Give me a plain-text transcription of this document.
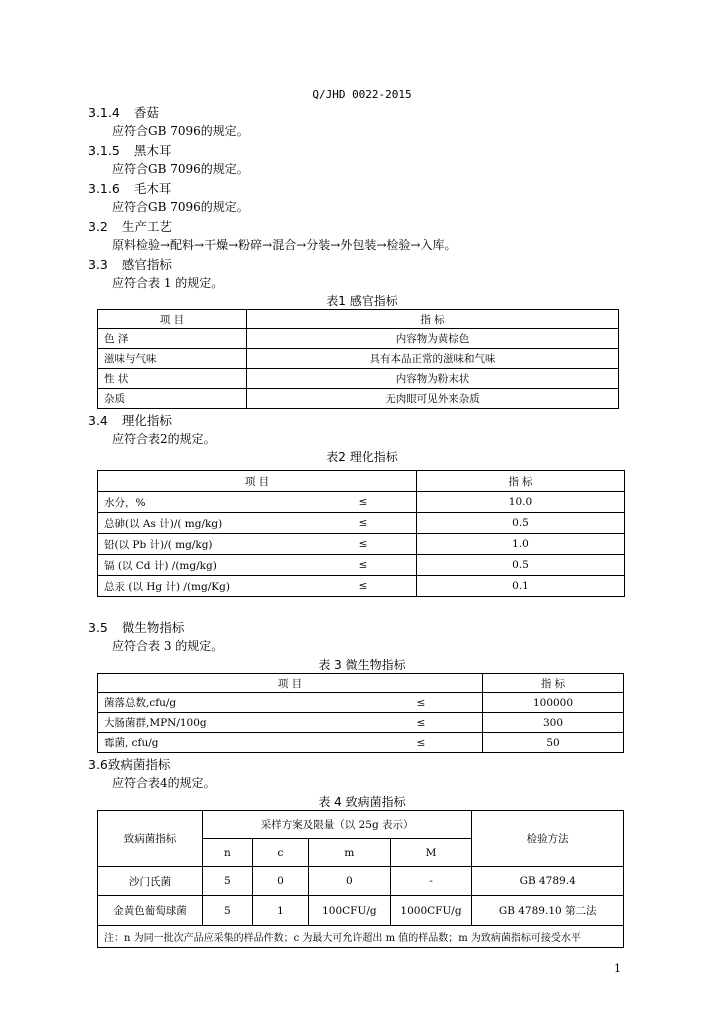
Q/JHD 0022-2015
3.1.4 香菇
应符合GB 7096的规定。
3.1.5 黑木耳
应符合GB 7096的规定。
3.1.6 毛木耳
应符合GB 7096的规定。
3.2 生产工艺
原料检验→配料→干燥→粉碎→混合→分装→外包装→检验→入库。
3.3 感官指标
应符合表 1 的规定。
表1 感官指标
项 目	指 标
色 泽	内容物为黄棕色
滋味与气味	具有本品正常的滋味和气味
性 状	内容物为粉末状
杂质	无肉眼可见外来杂质
3.4 理化指标
应符合表2的规定。
表2 理化指标
项 目		指 标
水分，%	≤	10.0
总砷(以 As 计)/( mg/kg)	≤	0.5
铅(以 Pb 计)/( mg/kg)	≤	1.0
镉 (以 Cd 计) /(mg/kg)	≤	0.5
总汞 (以 Hg 计) /(mg/Kg)	≤	0.1
3.5 微生物指标
应符合表 3 的规定。
表 3 微生物指标
项 目		指 标
菌落总数,cfu/g	≤	100000
大肠菌群,MPN/100g	≤	300
霉菌, cfu/g	≤	50
3.6致病菌指标
应符合表4的规定。
表 4 致病菌指标
致病菌指标	采样方案及限量（以 25g 表示）				检验方法
	n	c	m	M	
沙门氏菌	5	0	0	-	GB 4789.4
金黄色葡萄球菌	5	1	100CFU/g	1000CFU/g	GB 4789.10 第二法
注：n 为同一批次产品应采集的样品件数；c 为最大可允许超出 m 值的样品数；m 为致病菌指标可接受水平					
1
